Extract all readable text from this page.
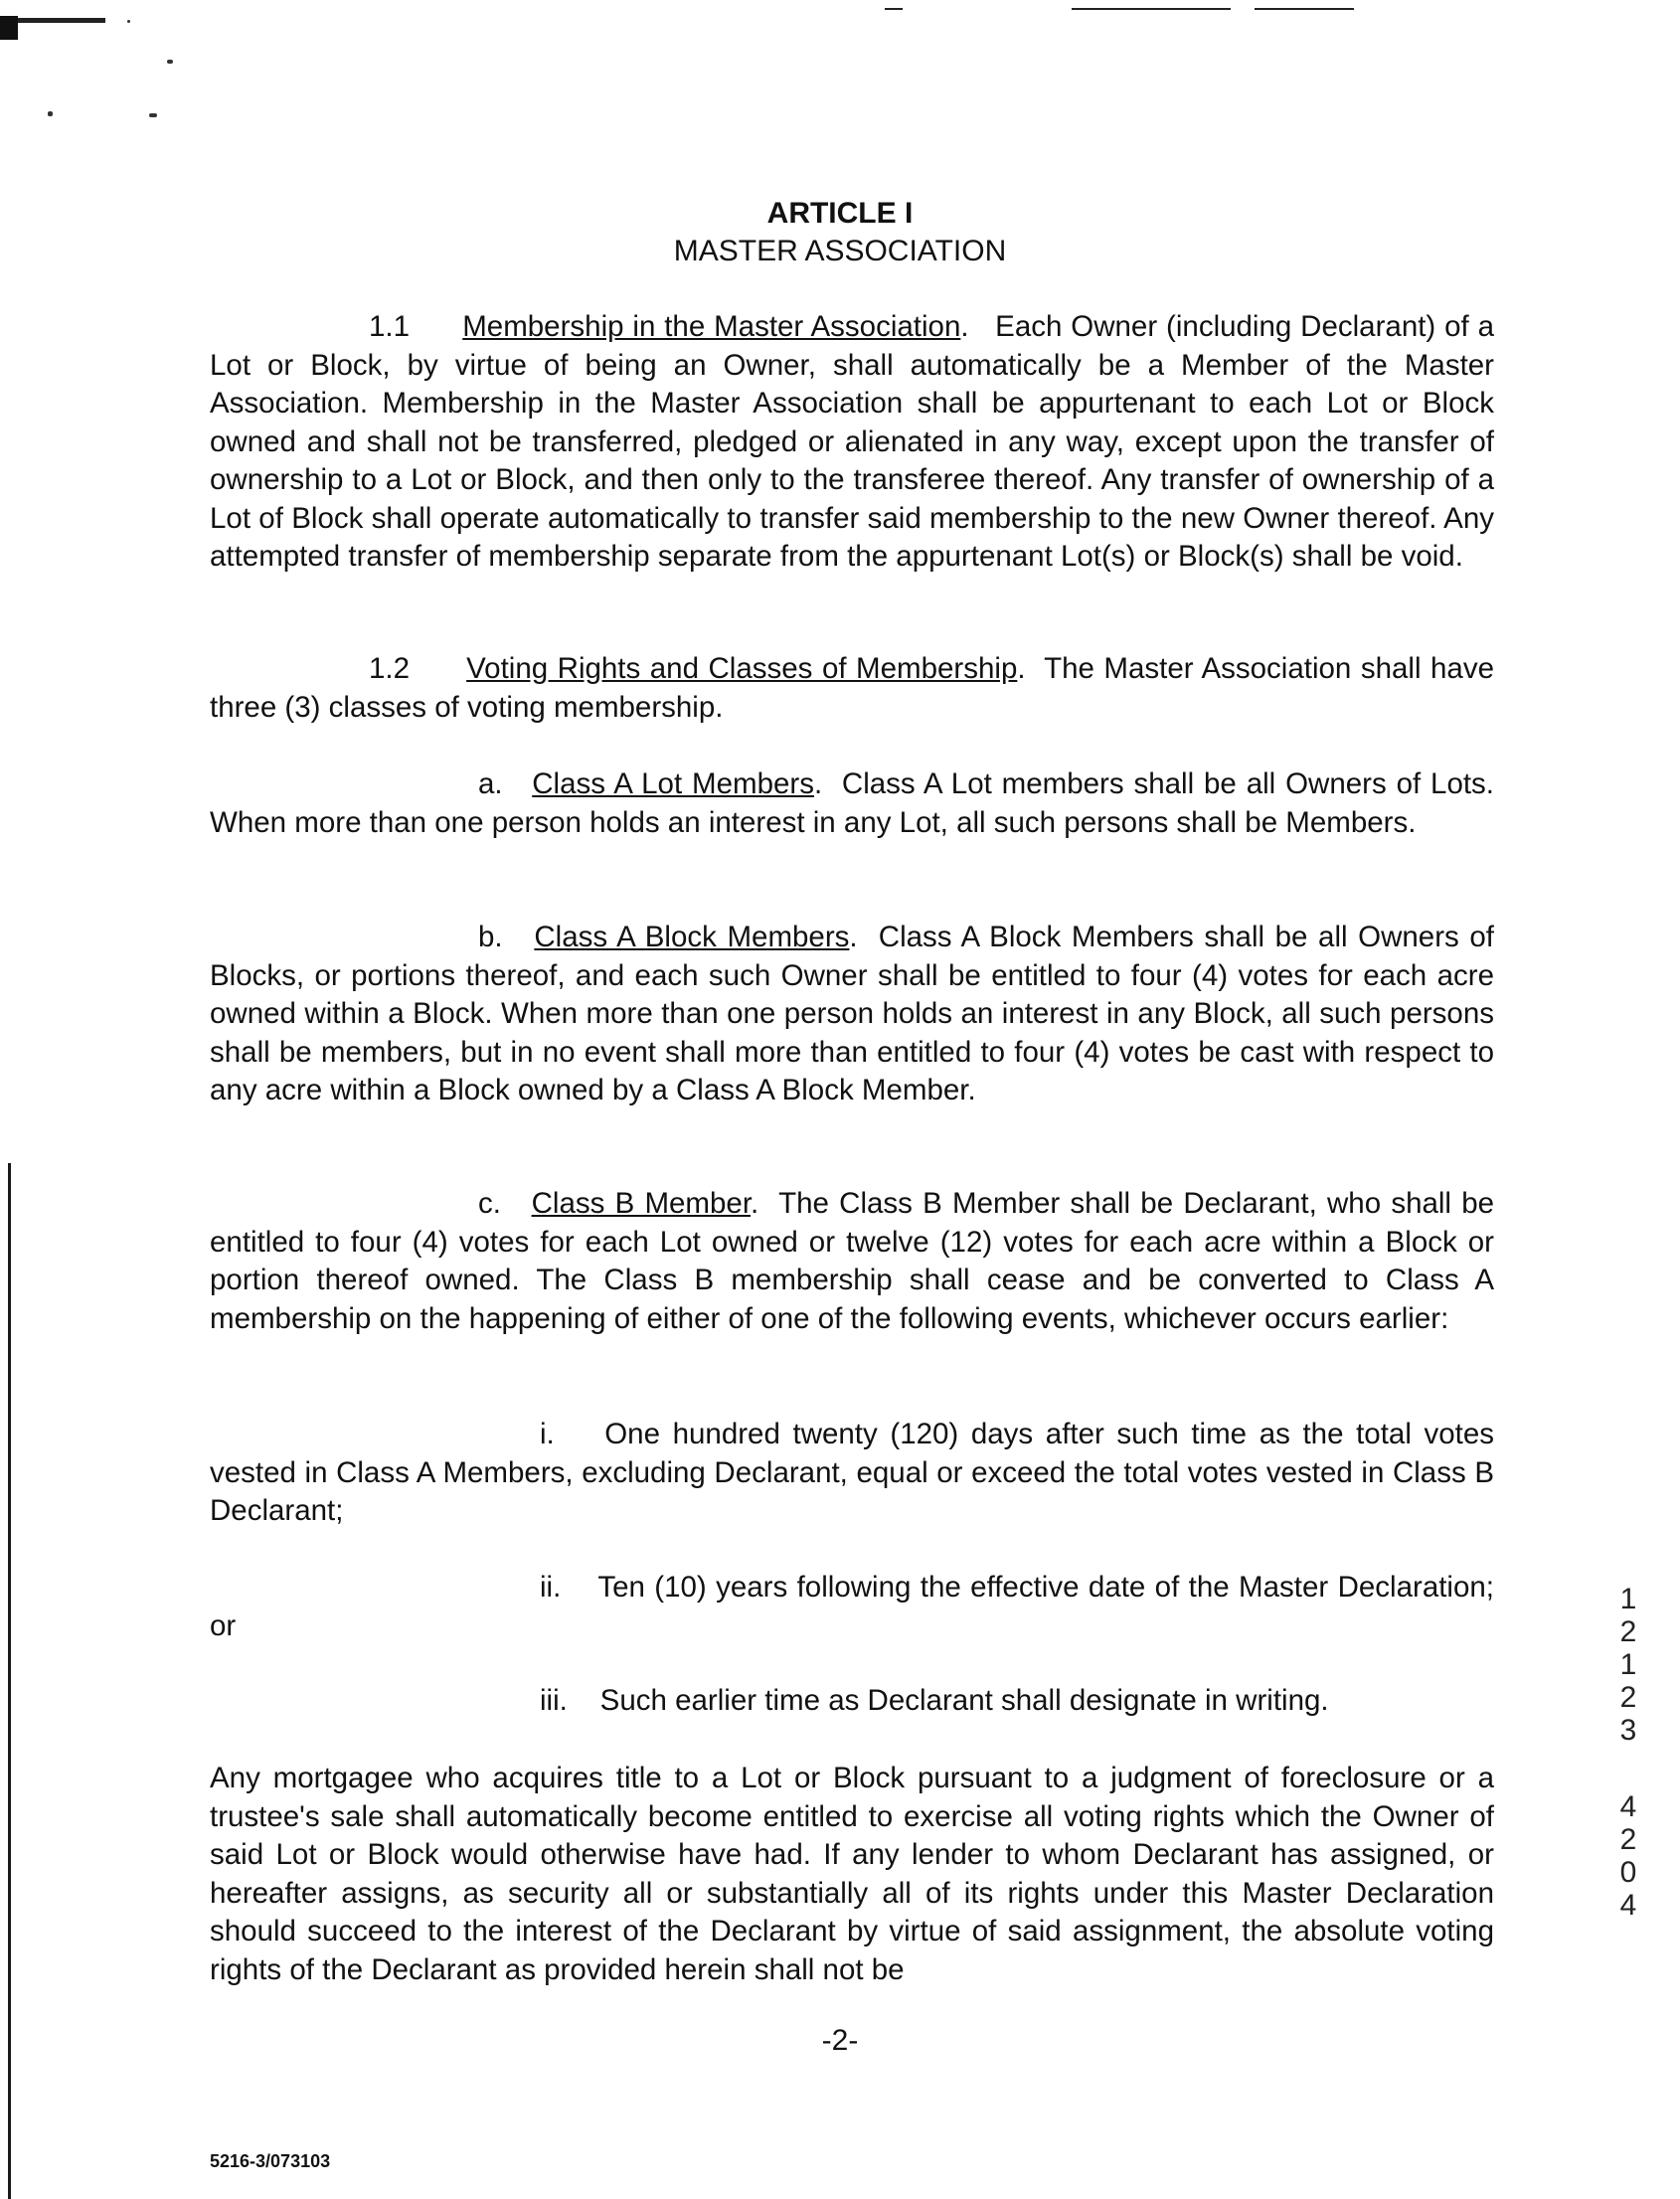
ARTICLE I
MASTER ASSOCIATION

1.1 Membership in the Master Association.   Each Owner (including Declarant) of a Lot or Block, by virtue of being an Owner, shall automatically be a Member of the Master Association. Membership in the Master Association shall be appurtenant to each Lot or Block owned and shall not be transferred, pledged or alienated in any way, except upon the transfer of ownership to a Lot or Block, and then only to the transferee thereof. Any transfer of ownership of a Lot of Block shall operate automatically to transfer said membership to the new Owner thereof. Any attempted transfer of membership separate from the appurtenant Lot(s) or Block(s) shall be void.

1.2 Voting Rights and Classes of Membership.  The Master Association shall have three (3) classes of voting membership.

a. Class A Lot Members.  Class A Lot members shall be all Owners of Lots. When more than one person holds an interest in any Lot, all such persons shall be Members.

b. Class A Block Members.  Class A Block Members shall be all Owners of Blocks, or portions thereof, and each such Owner shall be entitled to four (4) votes for each acre owned within a Block. When more than one person holds an interest in any Block, all such persons shall be members, but in no event shall more than entitled to four (4) votes be cast with respect to any acre within a Block owned by a Class A Block Member.

c. Class B Member.  The Class B Member shall be Declarant, who shall be entitled to four (4) votes for each Lot owned or twelve (12) votes for each acre within a Block or portion thereof owned. The Class B membership shall cease and be converted to Class A membership on the happening of either of one of the following events, whichever occurs earlier:

i. One hundred twenty (120) days after such time as the total votes vested in Class A Members, excluding Declarant, equal or exceed the total votes vested in Class B Declarant;

ii. Ten (10) years following the effective date of the Master Declaration; or

iii. Such earlier time as Declarant shall designate in writing.

Any mortgagee who acquires title to a Lot or Block pursuant to a judgment of foreclosure or a trustee's sale shall automatically become entitled to exercise all voting rights which the Owner of said Lot or Block would otherwise have had. If any lender to whom Declarant has assigned, or hereafter assigns, as security all or substantially all of its rights under this Master Declaration should succeed to the interest of the Declarant by virtue of said assignment, the absolute voting rights of the Declarant as provided herein shall not be

-2-
5216-3/073103
1
2
1
2
3
4
2
0
4
